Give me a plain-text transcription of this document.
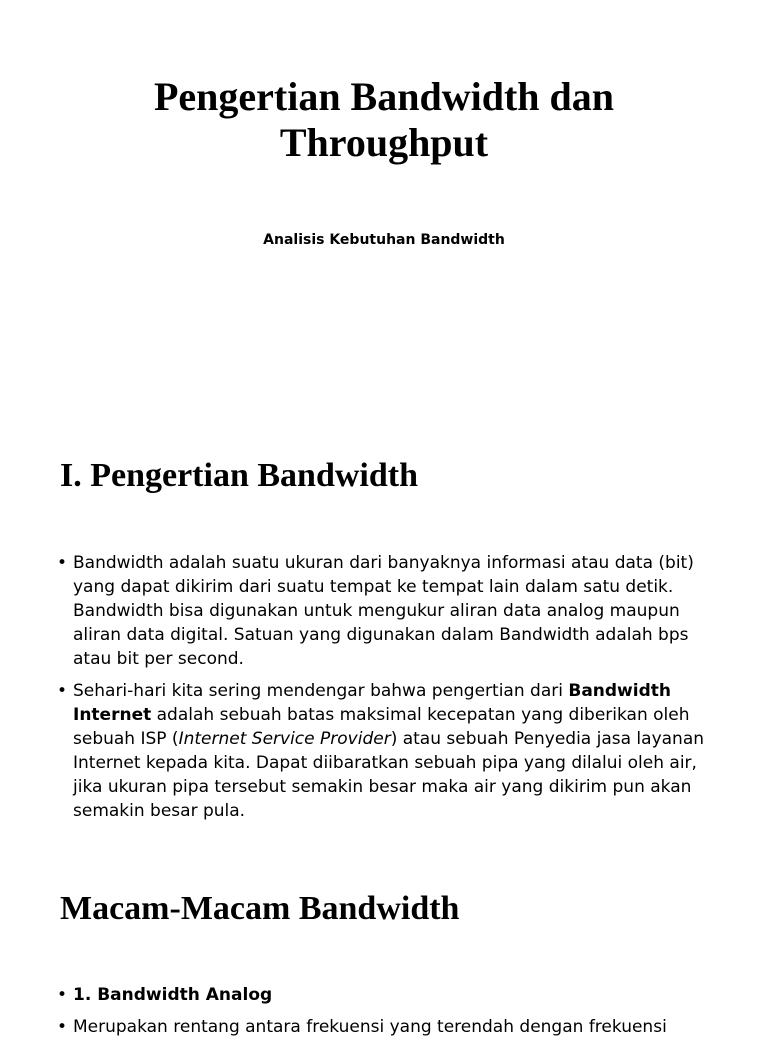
Pengertian Bandwidth dan
Throughput

Analisis Kebutuhan Bandwidth

I. Pengertian Bandwidth
• Bandwidth adalah suatu ukuran dari banyaknya informasi atau data (bit) yang dapat dikirim dari suatu tempat ke tempat lain dalam satu detik. Bandwidth bisa digunakan untuk mengukur aliran data analog maupun aliran data digital. Satuan yang digunakan dalam Bandwidth adalah bps atau bit per second.
• Sehari-hari kita sering mendengar bahwa pengertian dari Bandwidth Internet adalah sebuah batas maksimal kecepatan yang diberikan oleh sebuah ISP (Internet Service Provider) atau sebuah Penyedia jasa layanan Internet kepada kita. Dapat diibaratkan sebuah pipa yang dilalui oleh air, jika ukuran pipa tersebut semakin besar maka air yang dikirim pun akan semakin besar pula.
Macam-Macam Bandwidth
• 1. Bandwidth Analog
• Merupakan rentang antara frekuensi yang terendah dengan frekuensi
